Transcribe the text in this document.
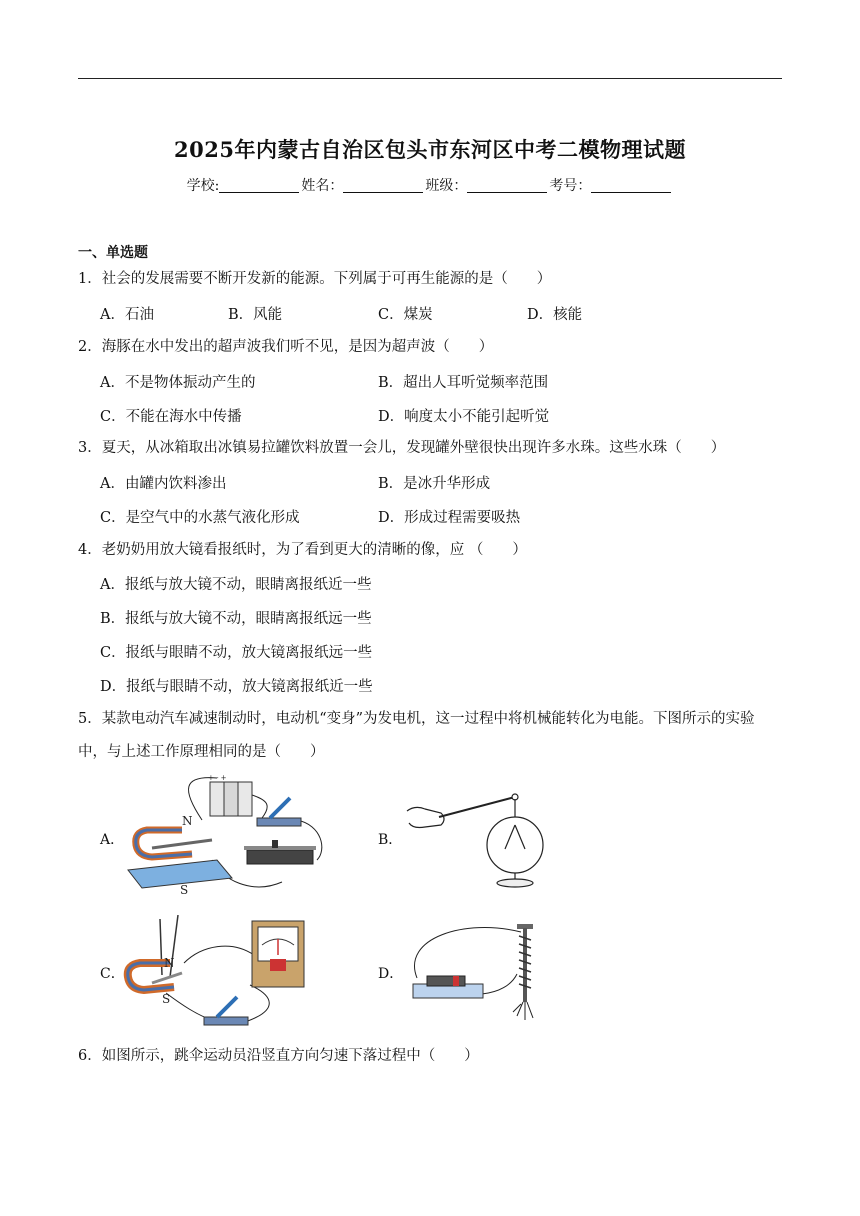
2025年内蒙古自治区包头市东河区中考二模物理试题
学校:	姓名：	班级：	考号：
一、单选题
1．社会的发展需要不断开发新的能源。下列属于可再生能源的是（　　）
A．石油	B．风能	C．煤炭	D．核能
2．海豚在水中发出的超声波我们听不见，是因为超声波（　　）
A．不是物体振动产生的	B．超出人耳听觉频率范围
C．不能在海水中传播	D．响度太小不能引起听觉
3．夏天，从冰箱取出冰镇易拉罐饮料放置一会儿，发现罐外壁很快出现许多水珠。这些水珠（　　）
A．由罐内饮料渗出	B．是冰升华形成
C．是空气中的水蒸气液化形成	D．形成过程需要吸热
4．老奶奶用放大镜看报纸时，为了看到更大的清晰的像，应 （　　）
A．报纸与放大镜不动，眼睛离报纸近一些
B．报纸与放大镜不动，眼睛离报纸远一些
C．报纸与眼睛不动，放大镜离报纸远一些
D．报纸与眼睛不动，放大镜离报纸近一些
5．某款电动汽车减速制动时，电动机“变身”为发电机，这一过程中将机械能转化为电能。下图所示的实验
中，与上述工作原理相同的是（　　）
A．	B．
C．	D．
+ - +
N
S
N
S
6．如图所示，跳伞运动员沿竖直方向匀速下落过程中（　　）
